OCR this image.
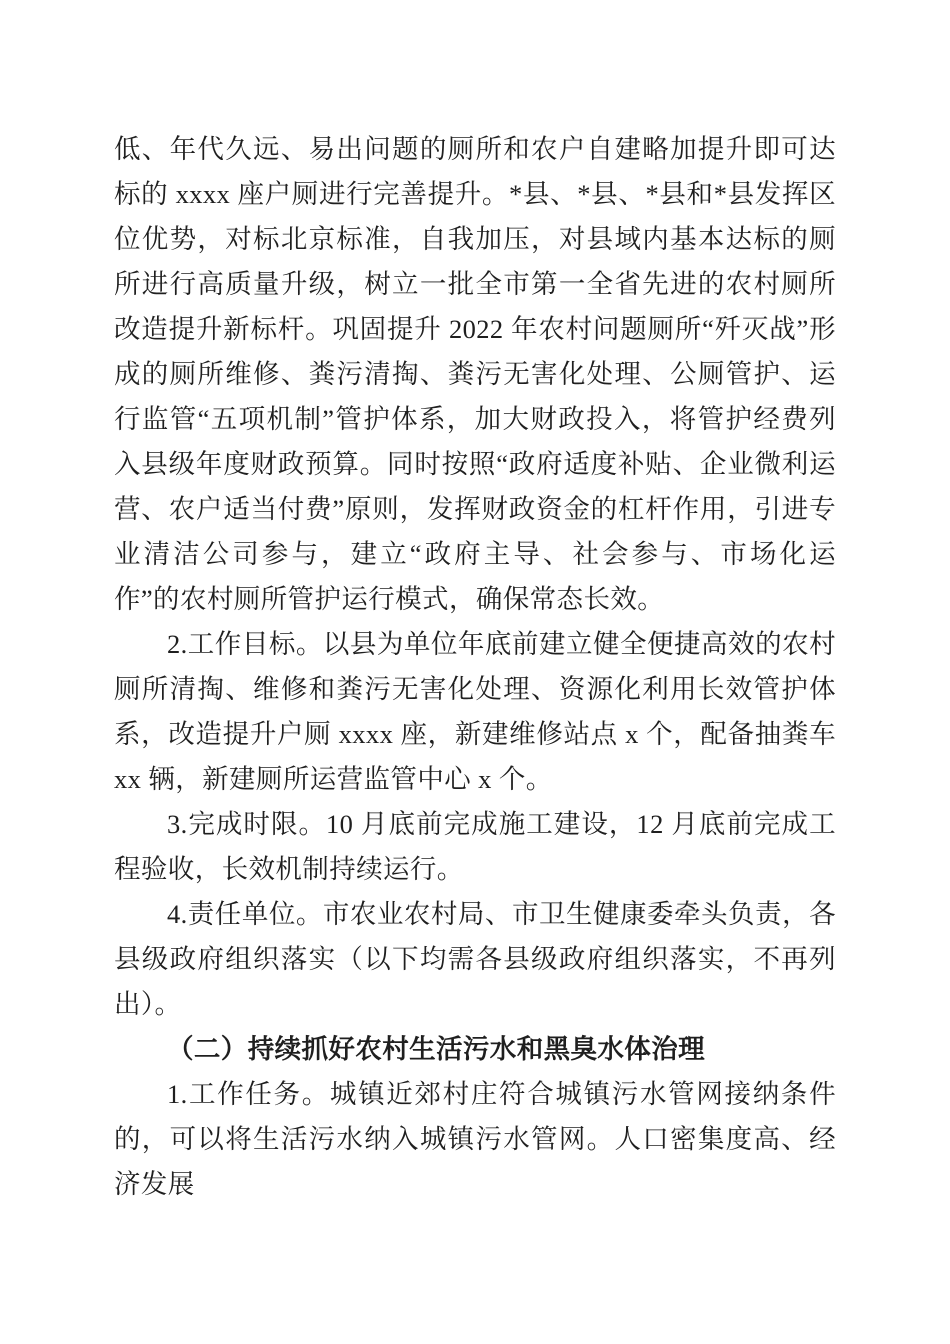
低、年代久远、易出问题的厕所和农户自建略加提升即可达标的 xxxx 座户厕进行完善提升。*县、*县、*县和*县发挥区位优势，对标北京标准，自我加压，对县域内基本达标的厕所进行高质量升级，树立一批全市第一全省先进的农村厕所改造提升新标杆。巩固提升 2022 年农村问题厕所“歼灭战”形成的厕所维修、粪污清掏、粪污无害化处理、公厕管护、运行监管“五项机制”管护体系，加大财政投入，将管护经费列入县级年度财政预算。同时按照“政府适度补贴、企业微利运营、农户适当付费”原则，发挥财政资金的杠杆作用，引进专业清洁公司参与，建立“政府主导、社会参与、市场化运作”的农村厕所管护运行模式，确保常态长效。

2.工作目标。以县为单位年底前建立健全便捷高效的农村厕所清掏、维修和粪污无害化处理、资源化利用长效管护体系，改造提升户厕 xxxx 座，新建维修站点 x 个，配备抽粪车 xx 辆，新建厕所运营监管中心 x 个。

3.完成时限。10 月底前完成施工建设，12 月底前完成工程验收，长效机制持续运行。

4.责任单位。市农业农村局、市卫生健康委牵头负责，各县级政府组织落实（以下均需各县级政府组织落实，不再列出）。

（二）持续抓好农村生活污水和黑臭水体治理

1.工作任务。城镇近郊村庄符合城镇污水管网接纳条件的，可以将生活污水纳入城镇污水管网。人口密集度高、经济发展
